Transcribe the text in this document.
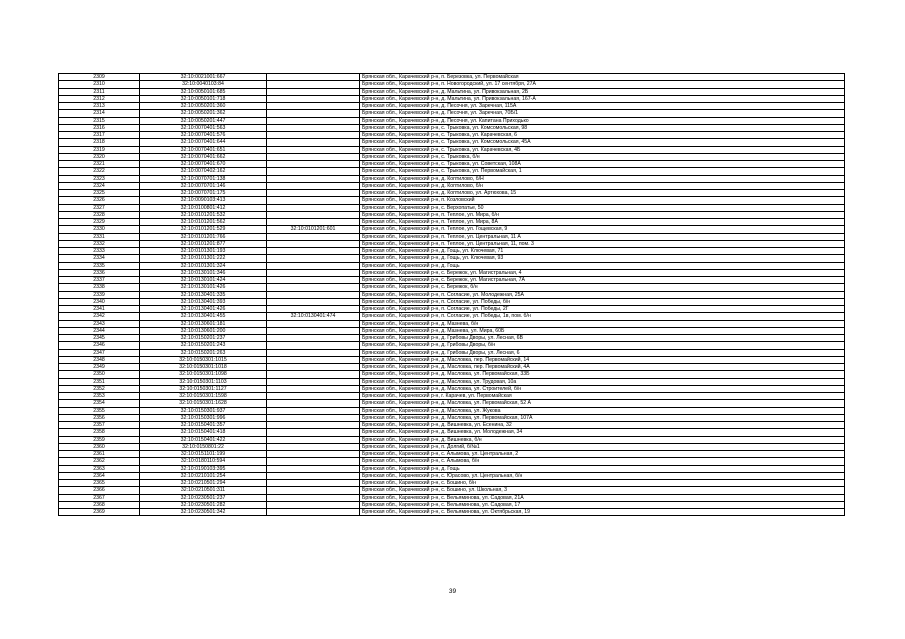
2309	32:10:0021001:667		Брянская обл., Карачевский р-н, п. Березовка, ул. Первомайская
2310	32:10:0040103:84		Брянская обл., Карачевский р-н, п. Новогородский, ул. 17 сентября, 27А
2311	32:10:0050101:685		Брянская обл., Карачевский р-н, д. Мальтина, ул. Привокзальная, 2Б
2312	32:10:0050101:718		Брянская обл., Карачевский р-н, д. Мальтина, ул. Привокзальная, 167-А
2313	32:10:0050201:360		Брянская обл., Карачевский р-н, д. Песочня, ул. Заречная, 115А
2314	32:10:0050201:362		Брянская обл., Карачевский р-н, д. Песочня, ул. Заречная, 70Б/1
2315	32:10:0050201:447		Брянская обл., Карачевский р-н, д. Песочня, ул. Капитана Приходько
2316	32:10:0070401:563		Брянская обл., Карачевский р-н, с. Трыковка, ул. Комсомольская, 98
2317	32:10:0070401:576		Брянская обл., Карачевский р-н, с. Трыковка, ул. Карачевская, 6
2318	32:10:0070401:644		Брянская обл., Карачевский р-н, с. Трыковка, ул. Комсомольская, 45А
2319	32:10:0070401:651		Брянская обл., Карачевский р-н, с. Трыковка, ул. Карачевская, 4Б
2320	32:10:0070401:662		Брянская обл., Карачевский р-н, с. Трыковка, б/н
2321	32:10:0070401:670		Брянская обл., Карачевский р-н, с. Трыковка, ул. Советская, 108А
2322	32:10:0070402:162		Брянская обл., Карачевский р-н, с. Трыковка, ул. Первомайская, 1
2323	32:10:0070701:138		Брянская обл., Карачевский р-н, д. Коптилово, б/Н
2324	32:10:0070701:146		Брянская обл., Карачевский р-н, д. Коптилово, б/н
2325	32:10:0070701:175		Брянская обл., Карачевский р-н, д. Коптилово, ул. Артюхова, 15
2326	32:10:0090103:413		Брянская обл., Карачевский р-н, п. Козловский
2327	32:10:0100801:412		Брянская обл., Карачевский р-н, с. Верхопатье, 50
2328	32:10:0101201:532		Брянская обл., Карачевский р-н, п. Теплое, ул. Мира, б/н
2329	32:10:0101201:562		Брянская обл., Карачевский р-н, п. Теплое, ул. Мира, 8А
2330	32:10:0101201:529	32:10:0101201:601	Брянская обл., Карачевский р-н, п. Теплое, ул. Гощевская, 9
2331	32:10:0101201:766		Брянская обл., Карачевский р-н, п. Теплое, ул. Центральная, 11 А
2332	32:10:0101201:877		Брянская обл., Карачевский р-н, п. Теплое, ул. Центральная, 11, пом. 3
2333	32:10:0101301:193		Брянская обл., Карачевский р-н, д. Гощь, ул. Ключевая, 71
2334	32:10:0101301:222		Брянская обл., Карачевский р-н, д. Гощь, ул. Ключевая, 93
2335	32:10:0101301:324		Брянская обл., Карачевский р-н, д. Гощь
2336	32:10:0130101:346		Брянская обл., Карачевский р-н, с. Бережок, ул. Магистральная, 4
2337	32:10:0130101:424		Брянская обл., Карачевский р-н, с. Бережок, ул. Магистральная, 7А
2338	32:10:0130101:426		Брянская обл., Карачевский р-н, с. Бережок, б/н
2339	32:10:0130401:335		Брянская обл., Карачевский р-н, п. Согласие, ул. Молодежная, 25А
2340	32:10:0130401:393		Брянская обл., Карачевский р-н, п. Согласие, ул. Победы, б/н
2341	32:10:0130401:426		Брянская обл., Карачевский р-н, п. Согласие, ул. Победы, 2Г
2342	32:10:0130401:455	32:10:0130401:474	Брянская обл., Карачевский р-н, п. Согласие, ул. Победы, 1в, пом. б/н
2343	32:10:0130601:181		Брянская обл., Карачевский р-н, д. Мазнева, б/н
2344	32:10:0130601:200		Брянская обл., Карачевский р-н, д. Мазнева, ул. Мира, 60Б
2345	32:10:0150201:237		Брянская обл., Карачевский р-н, д. Грибовы Дворы, ул. Лесная, 6В
2346	32:10:0150201:243		Брянская обл., Карачевский р-н, д. Грибовы Дворы, б/н
2347	32:10:0150201:263		Брянская обл., Карачевский р-н, д. Грибовы Дворы, ул. Лесная, 6
2348	32:10:0150301:1015		Брянская обл., Карачевский р-н, д. Масловка, пер. Первомайский, 14
2349	32:10:0150301:1018		Брянская обл., Карачевский р-н, д. Масловка, пер. Первомайский, 4А
2350	32:10:0150301:1098		Брянская обл., Карачевский р-н, д. Масловка, ул. Первомайская, 33Б
2351	32:10:0150301:1103		Брянская обл., Карачевский р-н, д. Масловка, ул. Трудовая, 10а
2352	32:10:0150301:1127		Брянская обл., Карачевский р-н, д. Масловка, ул. Строителей, б/н
2353	32:10:0150301:1598		Брянская обл., Карачевский р-н, г. Карачев, ул. Первомайская
2354	32:10:0150301:1628		Брянская обл., Карачевский р-н, д. Масловка, ул. Первомайская, 52 А
2355	32:10:0150301:937		Брянская обл., Карачевский р-н, д. Масловка, ул. Жукова
2356	32:10:0150301:996		Брянская обл., Карачевский р-н, д. Масловка, ул. Первомайская, 107А
2357	32:10:0150401:357		Брянская обл., Карачевский р-н, д. Вишневка, ул. Есенина, 32
2358	32:10:0150401:418		Брянская обл., Карачевский р-н, д. Вишневка, ул. Молодежная, 34
2359	32:10:0150401:422		Брянская обл., Карачевский р-н, д. Вишневка, б/н
2360	32:10:0150801:22		Брянская обл., Карачевский р-н, п. Долгий, б/№1
2361	32:10:0151101:199		Брянская обл., Карачевский р-н, с. Алымова, ул. Центральная, 2
2362	32:10:0180110:594		Брянская обл., Карачевский р-н, с. Алымова, б/н
2363	32:10:0190103:395		Брянская обл., Карачевский р-н, д. Гощь
2364	32:10:0210101:254		Брянская обл., Карачевский р-н, с. Юрасово, ул. Центральная, б/н
2365	32:10:0210501:294		Брянская обл., Карачевский р-н, с. Бошино, б/н
2366	32:10:0210501:311		Брянская обл., Карачевский р-н, с. Бошино, ул. Школьная, 3
2367	32:10:0230501:237		Брянская обл., Карачевский р-н, с. Вельяминова, ул. Садовая, 21А
2368	32:10:0230501:282		Брянская обл., Карачевский р-н, с. Вельяминова, ул. Садовая, 17
2369	32:10:0230501:342		Брянская обл., Карачевский р-н, с. Вельяминова, ул. Октябрьская, 19
39
